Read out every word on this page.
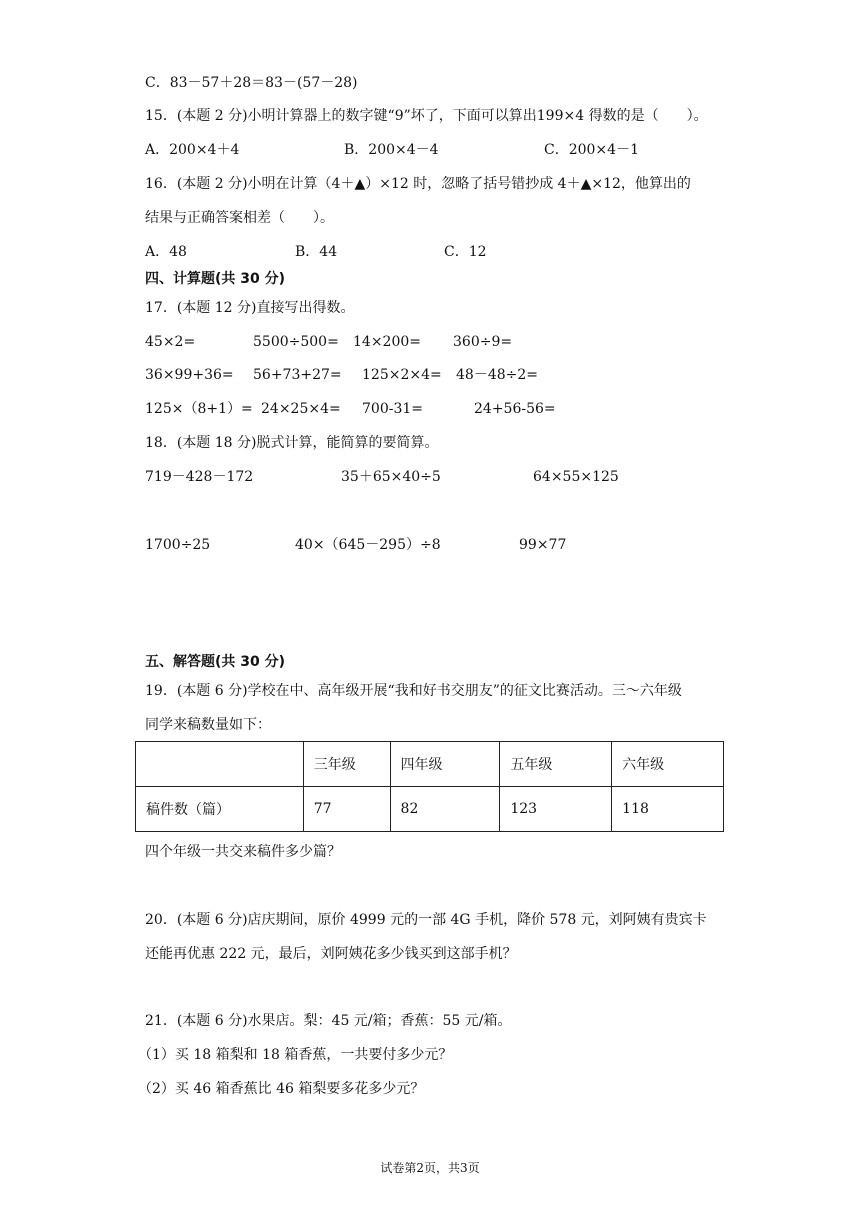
C．83－57＋28＝83－(57－28)
15．(本题 2 分)小明计算器上的数字键“9”坏了，下面可以算出199×4 得数的是（　　）。
A．200×4＋4	B．200×4－4	C．200×4－1
16．(本题 2 分)小明在计算（4＋▲）×12 时，忽略了括号错抄成 4＋▲×12，他算出的
结果与正确答案相差（　　）。
A．48	B．44	C．12
四、计算题(共 30 分)
17．(本题 12 分)直接写出得数。
45×2=	5500÷500= 14×200= 360÷9=
36×99+36= 56+73+27= 125×2×4= 48－48÷2=
125×（8+1）= 24×25×4= 700-31=	24+56-56=
18．(本题 18 分)脱式计算，能简算的要简算。
719－428－172	35＋65×40÷5	64×55×125
1700÷25	40×（645－295）÷8	99×77
五、解答题(共 30 分)
19．(本题 6 分)学校在中、高年级开展“我和好书交朋友”的征文比赛活动。三～六年级
同学来稿数量如下：
	三年级	四年级	五年级	六年级
稿件数（篇）	77	82	123	118
四个年级一共交来稿件多少篇？
20．(本题 6 分)店庆期间，原价 4999 元的一部 4G 手机，降价 578 元，刘阿姨有贵宾卡
还能再优惠 222 元，最后，刘阿姨花多少钱买到这部手机？
21．(本题 6 分)水果店。梨：45 元/箱；香蕉：55 元/箱。
（1）买 18 箱梨和 18 箱香蕉，一共要付多少元？
（2）买 46 箱香蕉比 46 箱梨要多花多少元？
试卷第2页，共3页
